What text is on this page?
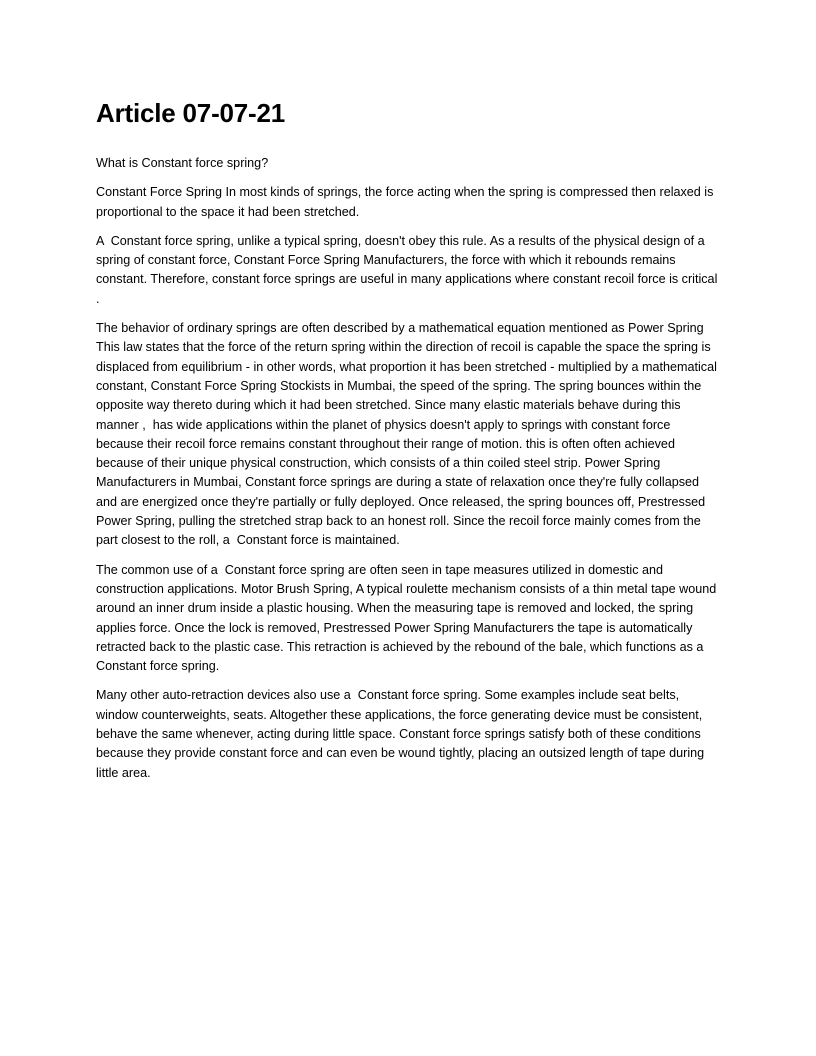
Article 07-07-21

What is Constant force spring?

Constant Force Spring In most kinds of springs, the force acting when the spring is compressed then relaxed is proportional to the space it had been stretched.

A  Constant force spring, unlike a typical spring, doesn't obey this rule. As a results of the physical design of a spring of constant force, Constant Force Spring Manufacturers, the force with which it rebounds remains constant. Therefore, constant force springs are useful in many applications where constant recoil force is critical .

The behavior of ordinary springs are often described by a mathematical equation mentioned as Power Spring This law states that the force of the return spring within the direction of recoil is capable the space the spring is displaced from equilibrium - in other words, what proportion it has been stretched - multiplied by a mathematical constant, Constant Force Spring Stockists in Mumbai, the speed of the spring. The spring bounces within the opposite way thereto during which it had been stretched. Since many elastic materials behave during this manner ,  has wide applications within the planet of physics doesn't apply to springs with constant force because their recoil force remains constant throughout their range of motion. this is often often achieved because of their unique physical construction, which consists of a thin coiled steel strip. Power Spring Manufacturers in Mumbai, Constant force springs are during a state of relaxation once they're fully collapsed and are energized once they're partially or fully deployed. Once released, the spring bounces off, Prestressed Power Spring, pulling the stretched strap back to an honest roll. Since the recoil force mainly comes from the part closest to the roll, a  Constant force is maintained.

The common use of a  Constant force spring are often seen in tape measures utilized in domestic and construction applications. Motor Brush Spring, A typical roulette mechanism consists of a thin metal tape wound around an inner drum inside a plastic housing. When the measuring tape is removed and locked, the spring applies force. Once the lock is removed, Prestressed Power Spring Manufacturers the tape is automatically retracted back to the plastic case. This retraction is achieved by the rebound of the bale, which functions as a  Constant force spring.

Many other auto-retraction devices also use a  Constant force spring. Some examples include seat belts, window counterweights, seats. Altogether these applications, the force generating device must be consistent, behave the same whenever, acting during little space. Constant force springs satisfy both of these conditions because they provide constant force and can even be wound tightly, placing an outsized length of tape during little area.
